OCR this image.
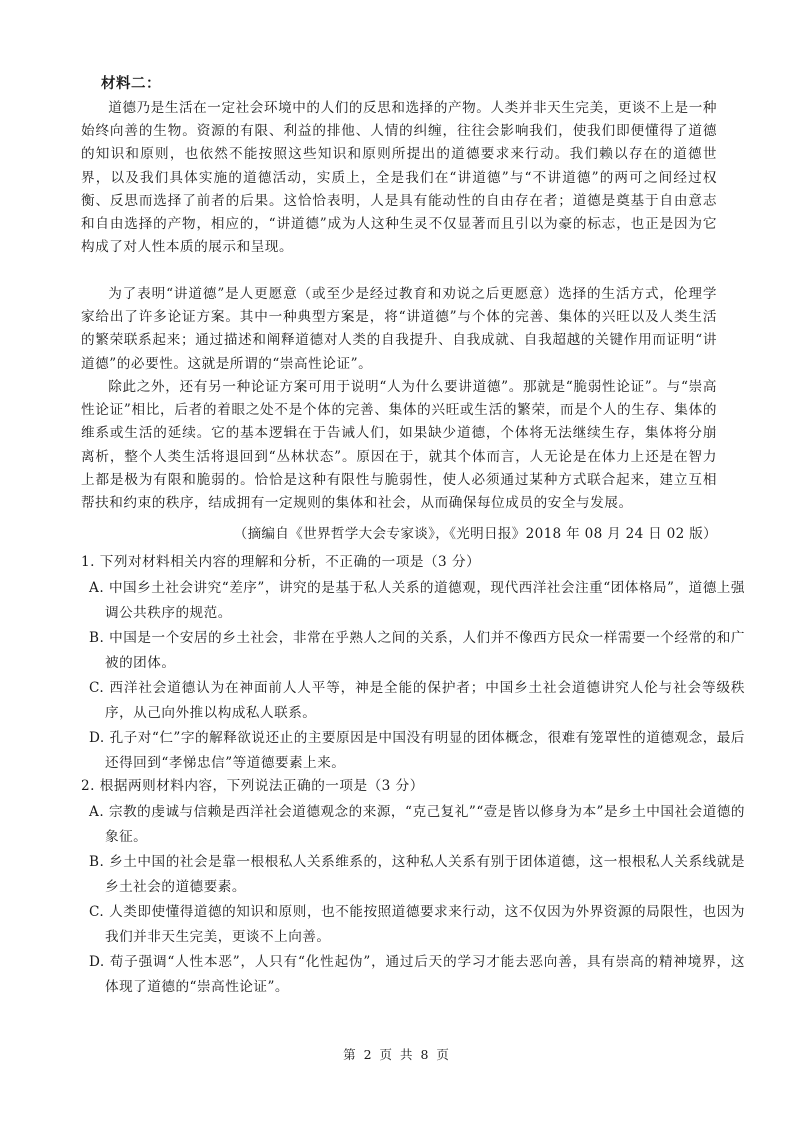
材料二：
道德乃是生活在一定社会环境中的人们的反思和选择的产物。人类并非天生完美，更谈不上是一种始终向善的生物。资源的有限、利益的排他、人情的纠缠，往往会影响我们，使我们即便懂得了道德的知识和原则，也依然不能按照这些知识和原则所提出的道德要求来行动。我们赖以存在的道德世界，以及我们具体实施的道德活动，实质上，全是我们在“讲道德”与“不讲道德”的两可之间经过权衡、反思而选择了前者的后果。这恰恰表明，人是具有能动性的自由存在者；道德是奠基于自由意志和自由选择的产物，相应的，“讲道德”成为人这种生灵不仅显著而且引以为豪的标志，也正是因为它构成了对人性本质的展示和呈现。
为了表明“讲道德”是人更愿意（或至少是经过教育和劝说之后更愿意）选择的生活方式，伦理学家给出了许多论证方案。其中一种典型方案是，将“讲道德”与个体的完善、集体的兴旺以及人类生活的繁荣联系起来；通过描述和阐释道德对人类的自我提升、自我成就、自我超越的关键作用而证明“讲道德”的必要性。这就是所谓的“崇高性论证”。
除此之外，还有另一种论证方案可用于说明“人为什么要讲道德”。那就是“脆弱性论证”。与“崇高性论证”相比，后者的着眼之处不是个体的完善、集体的兴旺或生活的繁荣，而是个人的生存、集体的维系或生活的延续。它的基本逻辑在于告诫人们，如果缺少道德，个体将无法继续生存，集体将分崩离析，整个人类生活将退回到“丛林状态”。原因在于，就其个体而言，人无论是在体力上还是在智力上都是极为有限和脆弱的。恰恰是这种有限性与脆弱性，使人必须通过某种方式联合起来，建立互相帮扶和约束的秩序，结成拥有一定规则的集体和社会，从而确保每位成员的安全与发展。
（摘编自《世界哲学大会专家谈》，《光明日报》2018 年 08 月 24 日 02 版）
1. 下列对材料相关内容的理解和分析，不正确的一项是（3 分）
A. 中国乡土社会讲究“差序”，讲究的是基于私人关系的道德观，现代西洋社会注重“团体格局”，道德上强调公共秩序的规范。
B. 中国是一个安居的乡土社会，非常在乎熟人之间的关系，人们并不像西方民众一样需要一个经常的和广被的团体。
C. 西洋社会道德认为在神面前人人平等，神是全能的保护者；中国乡土社会道德讲究人伦与社会等级秩序，从己向外推以构成私人联系。
D. 孔子对“仁”字的解释欲说还止的主要原因是中国没有明显的团体概念，很难有笼罩性的道德观念，最后还得回到“孝悌忠信”等道德要素上来。
2. 根据两则材料内容，下列说法正确的一项是（3 分）
A. 宗教的虔诚与信赖是西洋社会道德观念的来源，“克己复礼”“壹是皆以修身为本”是乡土中国社会道德的象征。
B. 乡土中国的社会是靠一根根私人关系维系的，这种私人关系有别于团体道德，这一根根私人关系线就是乡土社会的道德要素。
C. 人类即使懂得道德的知识和原则，也不能按照道德要求来行动，这不仅因为外界资源的局限性，也因为我们并非天生完美，更谈不上向善。
D. 荀子强调“人性本恶”，人只有“化性起伪”，通过后天的学习才能去恶向善，具有崇高的精神境界，这体现了道德的“崇高性论证”。
第 2 页 共 8 页
